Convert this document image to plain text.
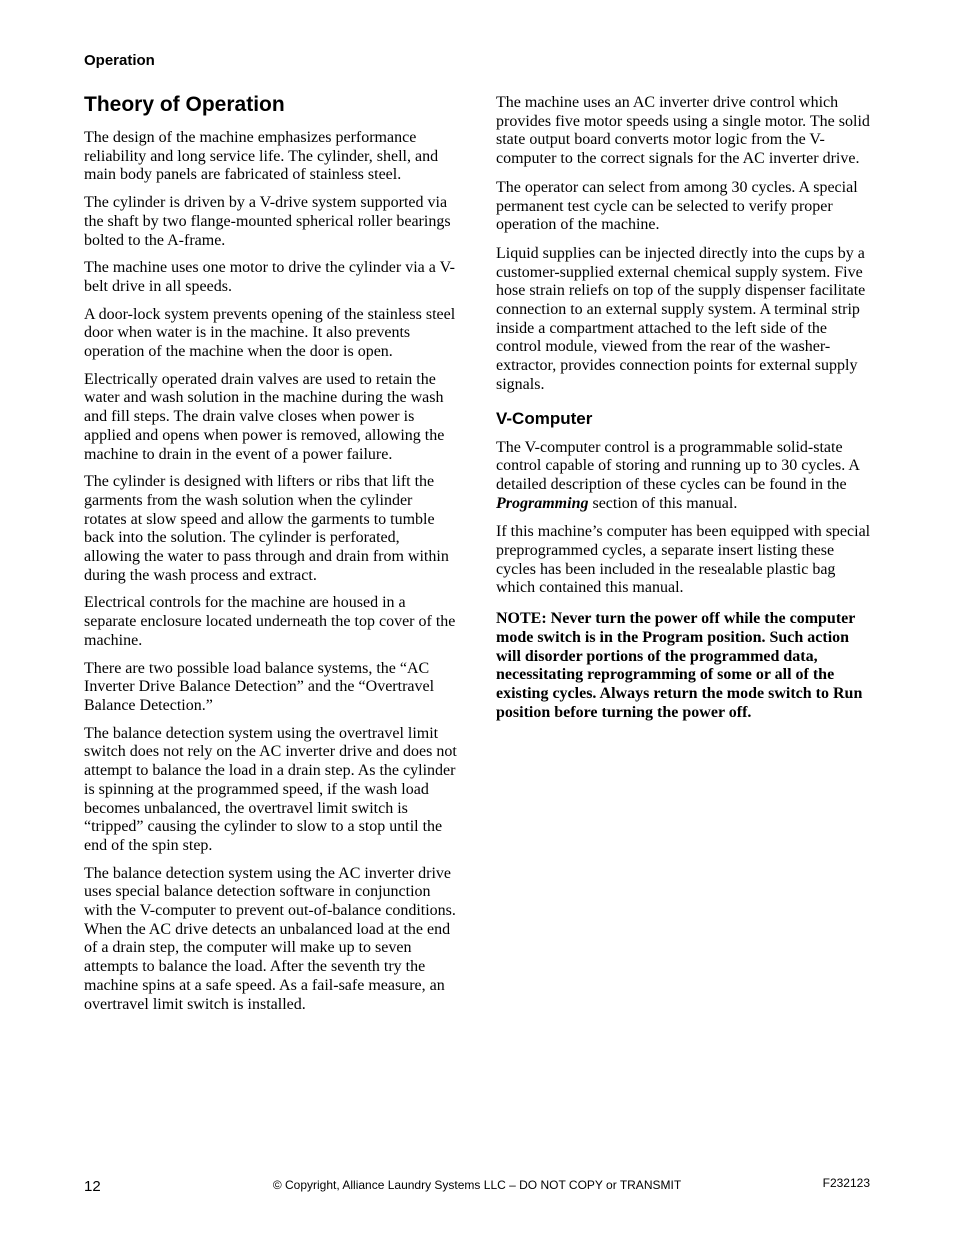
Operation
Theory of Operation

The design of the machine emphasizes performance reliability and long service life. The cylinder, shell, and main body panels are fabricated of stainless steel.

The cylinder is driven by a V-drive system supported via the shaft by two flange-mounted spherical roller bearings bolted to the A-frame.

The machine uses one motor to drive the cylinder via a V-belt drive in all speeds.

A door-lock system prevents opening of the stainless steel door when water is in the machine. It also prevents operation of the machine when the door is open.

Electrically operated drain valves are used to retain the water and wash solution in the machine during the wash and fill steps. The drain valve closes when power is applied and opens when power is removed, allowing the machine to drain in the event of a power failure.

The cylinder is designed with lifters or ribs that lift the garments from the wash solution when the cylinder rotates at slow speed and allow the garments to tumble back into the solution. The cylinder is perforated, allowing the water to pass through and drain from within during the wash process and extract.

Electrical controls for the machine are housed in a separate enclosure located underneath the top cover of the machine.

There are two possible load balance systems, the “AC Inverter Drive Balance Detection” and the “Overtravel Balance Detection.”

The balance detection system using the overtravel limit switch does not rely on the AC inverter drive and does not attempt to balance the load in a drain step. As the cylinder is spinning at the programmed speed, if the wash load becomes unbalanced, the overtravel limit switch is “tripped” causing the cylinder to slow to a stop until the end of the spin step.

The balance detection system using the AC inverter drive uses special balance detection software in conjunction with the V-computer to prevent out-of-balance conditions. When the AC drive detects an unbalanced load at the end of a drain step, the computer will make up to seven attempts to balance the load. After the seventh try the machine spins at a safe speed. As a fail-safe measure, an overtravel limit switch is installed.

The machine uses an AC inverter drive control which provides five motor speeds using a single motor. The solid state output board converts motor logic from the V-computer to the correct signals for the AC inverter drive.

The operator can select from among 30 cycles. A special permanent test cycle can be selected to verify proper operation of the machine.

Liquid supplies can be injected directly into the cups by a customer-supplied external chemical supply system. Five hose strain reliefs on top of the supply dispenser facilitate connection to an external supply system. A terminal strip inside a compartment attached to the left side of the control module, viewed from the rear of the washer-extractor, provides connection points for external supply signals.

V-Computer

The V-computer control is a programmable solid-state control capable of storing and running up to 30 cycles. A detailed description of these cycles can be found in the Programming section of this manual.

If this machine’s computer has been equipped with special preprogrammed cycles, a separate insert listing these cycles has been included in the resealable plastic bag which contained this manual.

NOTE: Never turn the power off while the computer mode switch is in the Program position. Such action will disorder portions of the programmed data, necessitating reprogramming of some or all of the existing cycles. Always return the mode switch to Run position before turning the power off.

12	© Copyright, Alliance Laundry Systems LLC – DO NOT COPY or TRANSMIT	F232123
